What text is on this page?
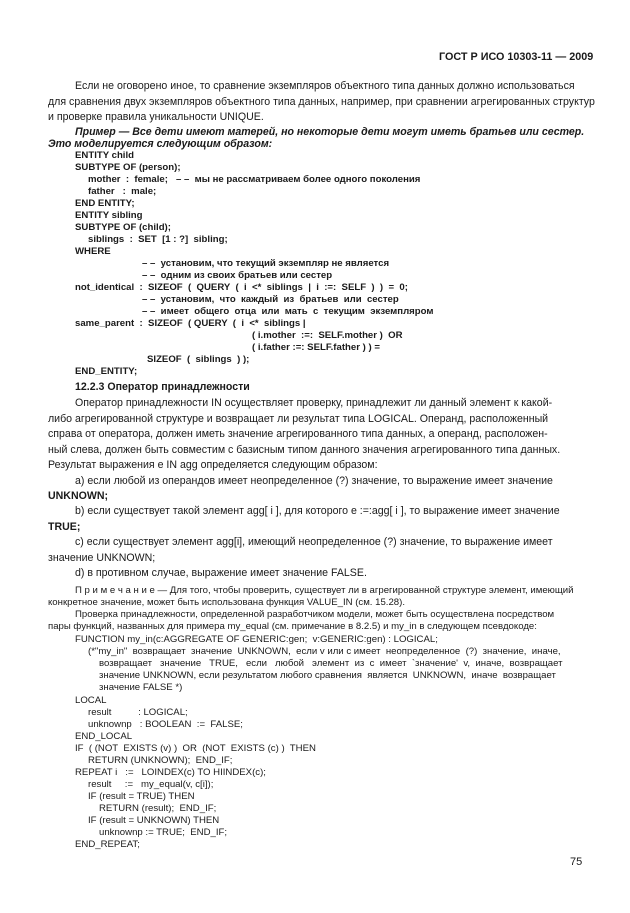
ГОСТ Р ИСО 10303-11 — 2009
Если не оговорено иное, то сравнение экземпляров объектного типа данных должно использоваться
для сравнения двух экземпляров объектного типа данных, например, при сравнении агрегированных структур
и проверке правила уникальности UNIQUE.
Пример — Все дети имеют матерей, но некоторые дети могут иметь братьев или сестер.
Это моделируется следующим образом:
ENTITY child
SUBTYPE OF (person);
mother  :  female;   – –  мы не рассматриваем более одного поколения
father   :  male;
END ENTITY;
ENTITY sibling
SUBTYPE OF (child);
siblings  :  SET  [1 : ?]  sibling;
WHERE
– –  установим, что текущий экземпляр не является
– –  одним из своих братьев или сестер
not_identical  :  SIZEOF  (  QUERY  (  i  <*  siblings  |  i  :=:  SELF  )  )  =  0;
– –  установим,  что  каждый  из  братьев  или  сестер
– –  имеет  общего  отца  или  мать  с  текущим  экземпляром
same_parent  :  SIZEOF  ( QUERY  (  i  <*  siblings |
( i.mother  :=:  SELF.mother )  OR
( i.father :=: SELF.father ) ) =
SIZEOF  (  siblings  ) );
END_ENTITY;
12.2.3 Оператор принадлежности
Оператор принадлежности IN осуществляет проверку, принадлежит ли данный элемент к какой-
либо агрегированной структуре и возвращает ли результат типа LOGICAL. Операнд, расположенный
справа от оператора, должен иметь значение агрегированного типа данных, а операнд, расположен-
ный слева, должен быть совместим с базисным типом данного значения агрегированного типа данных.
Результат выражения e IN agg определяется следующим образом:
a) если любой из операндов имеет неопределенное (?) значение, то выражение имеет значение
UNKNOWN;
b) если существует такой элемент agg[ i ], для которого e :=:agg[ i ], то выражение имеет значение
TRUE;
c) если существует элемент agg[i], имеющий неопределенное (?) значение, то выражение имеет
значение UNKNOWN;
d) в противном случае, выражение имеет значение FALSE.
П р и м е ч а н и е — Для того, чтобы проверить, существует ли в агрегированной структуре элемент, имеющий
конкретное значение, может быть использована функция VALUE_IN (см. 15.28).
Проверка принадлежности, определенной разработчиком модели, может быть осуществлена посредством
пары функций, названных для примера my_equal (см. примечание в 8.2.5) и my_in в следующем псевдокоде:
FUNCTION my_in(c:AGGREGATE OF GENERIC:gen;  v:GENERIC:gen) : LOGICAL;
(*"my_in"  возвращает  значение  UNKNOWN,  если v или c имеет  неопределенное  (?)  значение,  иначе,
возвращает   значение   TRUE,   если   любой   элемент  из  c  имеет  `значение'  v,  иначе,  возвращает
значение UNKNOWN, если результатом любого сравнения  является  UNKNOWN,  иначе  возвращает
значение FALSE *)
LOCAL
result          : LOGICAL;
unknownp   : BOOLEAN  :=  FALSE;
END_LOCAL
IF  ( (NOT  EXISTS (v) )  OR  (NOT  EXISTS (c) )  THEN
RETURN (UNKNOWN);  END_IF;
REPEAT i   :=   LOINDEX(c) TO HIINDEX(c);
result     :=   my_equal(v, c[i]);
IF (result = TRUE) THEN
RETURN (result);  END_IF;
IF (result = UNKNOWN) THEN
unknownp := TRUE;  END_IF;
END_REPEAT;
75
